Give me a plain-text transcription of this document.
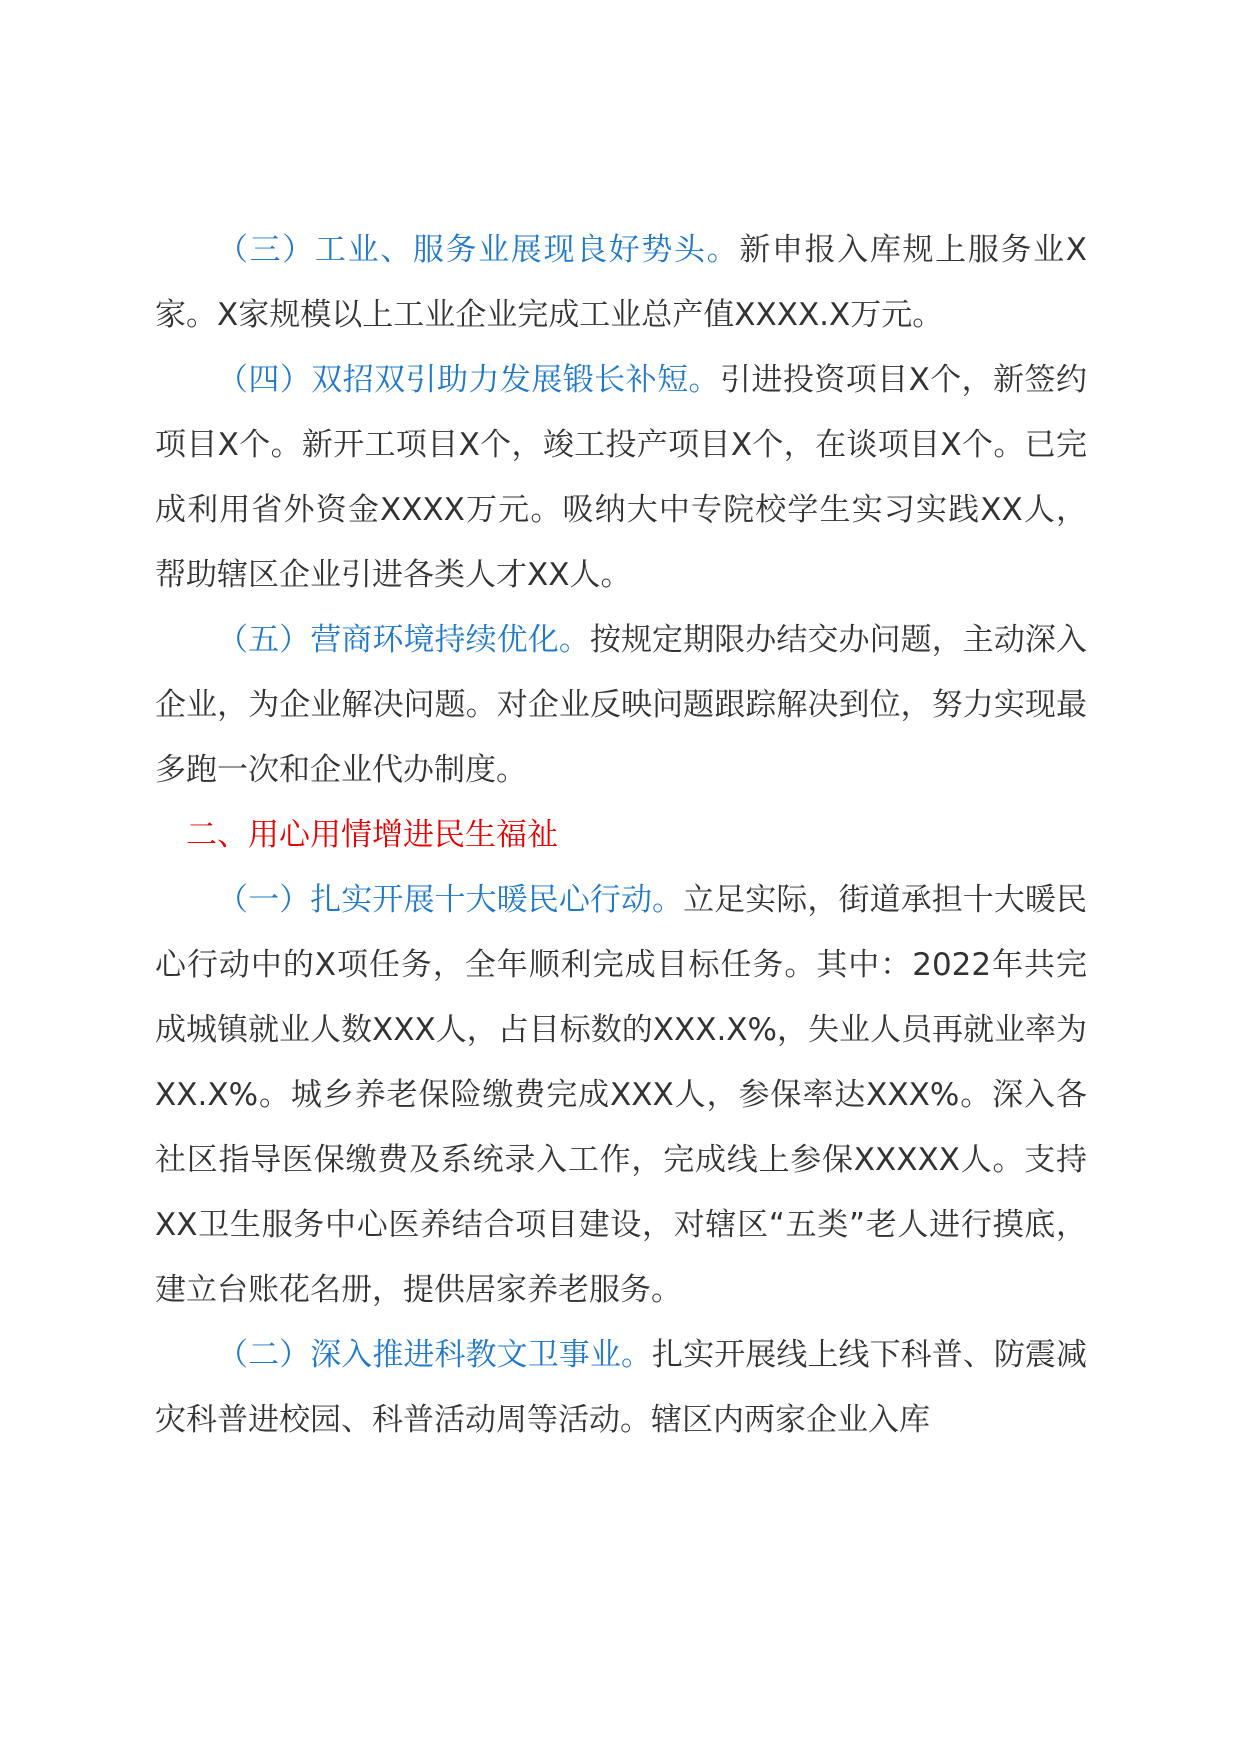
（三）工业、服务业展现良好势头。新申报入库规上服务业X家。X家规模以上工业企业完成工业总产值XXXX.X万元。

（四）双招双引助力发展锻长补短。引进投资项目X个，新签约项目X个。新开工项目X个，竣工投产项目X个，在谈项目X个。已完成利用省外资金XXXX万元。吸纳大中专院校学生实习实践XX人，帮助辖区企业引进各类人才XX人。

（五）营商环境持续优化。按规定期限办结交办问题，主动深入企业，为企业解决问题。对企业反映问题跟踪解决到位，努力实现最多跑一次和企业代办制度。

二、用心用情增进民生福祉

（一）扎实开展十大暖民心行动。立足实际，街道承担十大暖民心行动中的X项任务，全年顺利完成目标任务。其中：2022年共完成城镇就业人数XXX人，占目标数的XXX.X%，失业人员再就业率为XX.X%。城乡养老保险缴费完成XXX人，参保率达XXX%。深入各社区指导医保缴费及系统录入工作，完成线上参保XXXXX人。支持XX卫生服务中心医养结合项目建设，对辖区“五类”老人进行摸底，建立台账花名册，提供居家养老服务。

（二）深入推进科教文卫事业。扎实开展线上线下科普、防震减灾科普进校园、科普活动周等活动。辖区内两家企业入库
